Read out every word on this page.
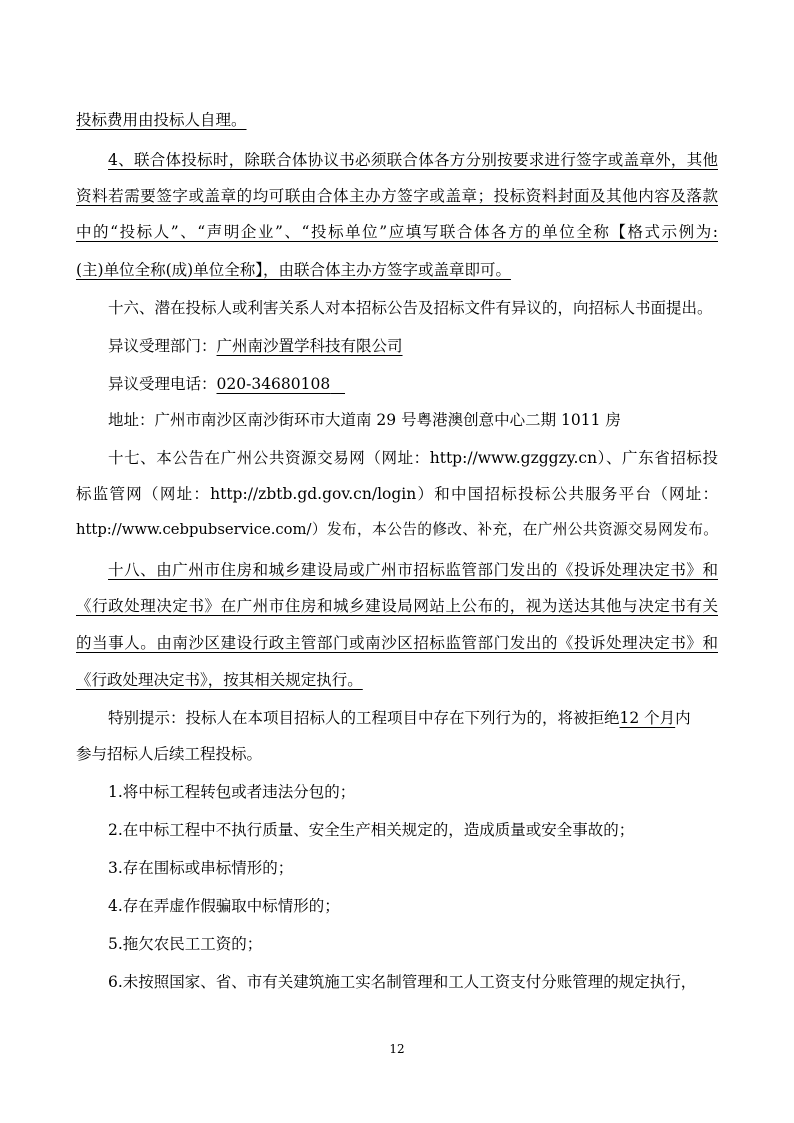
投标费用由投标人自理。
4、联合体投标时，除联合体协议书必须联合体各方分别按要求进行签字或盖章外，其他
资料若需要签字或盖章的均可联由合体主办方签字或盖章；投标资料封面及其他内容及落款
中的“投标人”、“声明企业”、“投标单位”应填写联合体各方的单位全称【格式示例为:
(主)单位全称(成)单位全称】，由联合体主办方签字或盖章即可。
十六、潜在投标人或利害关系人对本招标公告及招标文件有异议的，向招标人书面提出。
异议受理部门：广州南沙置学科技有限公司
异议受理电话：020-34680108
地址：广州市南沙区南沙街环市大道南 29 号粤港澳创意中心二期 1011 房
十七、本公告在广州公共资源交易网（网址：http://www.gzggzy.cn）、广东省招标投
标监管网（网址：http://zbtb.gd.gov.cn/login）和中国招标投标公共服务平台（网址：
http://www.cebpubservice.com/）发布，本公告的修改、补充，在广州公共资源交易网发布。
十八、由广州市住房和城乡建设局或广州市招标监管部门发出的《投诉处理决定书》和
《行政处理决定书》在广州市住房和城乡建设局网站上公布的，视为送达其他与决定书有关
的当事人。由南沙区建设行政主管部门或南沙区招标监管部门发出的《投诉处理决定书》和
《行政处理决定书》，按其相关规定执行。
特别提示：投标人在本项目招标人的工程项目中存在下列行为的，将被拒绝12 个月内
参与招标人后续工程投标。
1.将中标工程转包或者违法分包的；
2.在中标工程中不执行质量、安全生产相关规定的，造成质量或安全事故的；
3.存在围标或串标情形的；
4.存在弄虚作假骗取中标情形的；
5.拖欠农民工工资的；
6.未按照国家、省、市有关建筑施工实名制管理和工人工资支付分账管理的规定执行，
12
